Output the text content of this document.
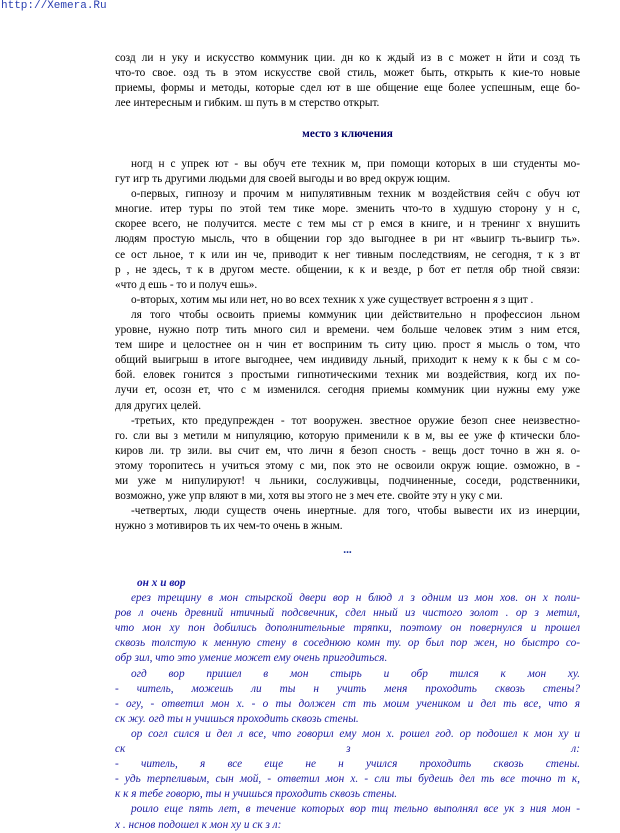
http://Xemera.Ru
созд ли н уку и искусство коммуник ции. дн ко к ждый из в с может н йти и созд ть
что-то свое. озд ть в этом искусстве свой стиль, может быть, открыть к кие-то новые
приемы, формы и методы, которые сдел ют в ше общение еще более успешным, еще бо-
лее интересным и гибким. ш путь в м стерство открыт.
место з ключения
ногд н с упрек ют - вы обуч ете техник м, при помощи которых в ши студенты мо-
гут игр ть другими людьми для своей выгоды и во вред окруж ющим.
о-первых, гипнозу и прочим м нипулятивным техник м воздействия сейч с обуч ют
многие. итер туры по этой тем тике море. зменить что-то в худшую сторону у н с,
скорее всего, не получится. месте с тем мы ст р емся в книге, и н тренинг х внушить
людям простую мысль, что в общении гор здо выгоднее в ри нт «выигр ть-выигр ть».
се ост льное, т к или ин че, приводит к нег тивным последствиям, не сегодня, т к з вт
р , не здесь, т к в другом месте. общении, к к и везде, р бот ет петля обр тной связи:
«что д ешь - то и получ ешь».
о-вторых, хотим мы или нет, но во всех техник х уже существует встроенн я з щит .
ля того чтобы освоить приемы коммуник ции действительно н профессион льном
уровне, нужно потр тить много сил и времени. чем больше человек этим з ним ется,
тем шире и целостнее он н чин ет восприним ть ситу цию. прост я мысль о том, что
общий выигрыш в итоге выгоднее, чем индивиду льный, приходит к нему к к бы с м со-
бой. еловек гонится з простыми гипнотическими техник ми воздействия, когд их по-
лучи ет, осозн ет, что с м изменился. сегодня приемы коммуник ции нужны ему уже
для других целей.
-третьих, кто предупрежден - тот вооружен. звестное оружие безоп снее неизвестно-
го. сли вы з метили м нипуляцию, которую применили к в м, вы ее уже ф ктически бло-
киров ли. тр зили. вы счит ем, что личн я безоп сность - вещь дост точно в жн я. о-
этому торопитесь н учиться этому с ми, пок это не освоили окруж ющие. озможно, в -
ми уже м нипулируют! ч льники, сослуживцы, подчиненные, соседи, родственники,
возможно, уже упр вляют в ми, хотя вы этого не з меч ете. свойте эту н уку с ми.
-четвертых, люди существ очень инертные. для того, чтобы вывести их из инерции,
нужно з мотивиров ть их чем-то очень в жным.
...
он х и вор
ерез трещину в мон стырской двери вор н блюд л з одним из мон хов. он х поли-
ров л очень древний нтичный подсвечник, сдел нный из чистого золот . ор з метил,
что мон ху пон добились дополнительные тряпки, поэтому он повернулся и прошел
сквозь толстую к менную стену в соседнюю комн ту. ор был пор жен, но быстро со-
обр зил, что это умение может ему очень пригодиться.
огд вор пришел в мон стырь и обр тился к мон ху.
- читель, можешь ли ты н учить меня проходить сквозь стены?
- огу, - ответил мон х. - о ты должен ст ть моим учеником и дел ть все, что я
ск жу. огд ты н учишься проходить сквозь стены.
ор согл сился и дел л все, что говорил ему мон х. рошел год. ор подошел к мон ху и
ск з л:
- читель, я все еще не н учился проходить сквозь стены.
- удь терпеливым, сын мой, - ответил мон х. - сли ты будешь дел ть все точно т к,
к к я тебе говорю, ты н учишься проходить сквозь стены.
роило еще пять лет, в течение которых вор тщ тельно выполнял все ук з ния мон -
х . нснов подошел к мон ху и ск з л:
